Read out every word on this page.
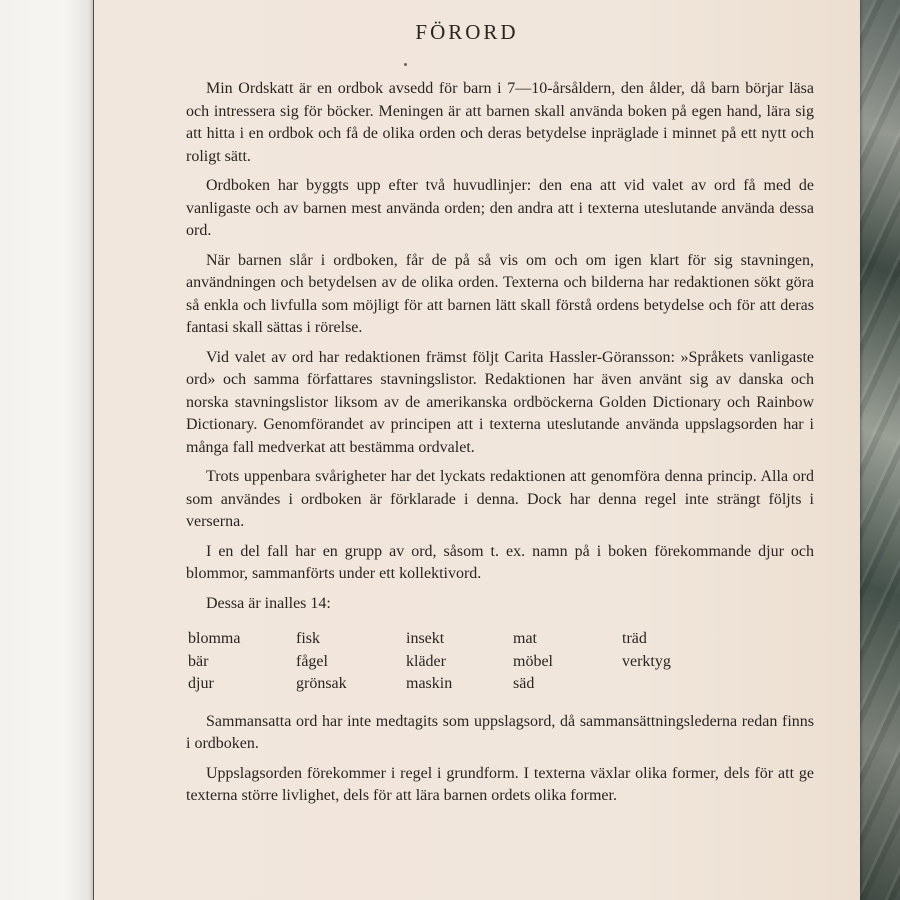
FÖRORD

Min Ordskatt är en ordbok avsedd för barn i 7—10-årsåldern, den ålder, då barn börjar läsa och intressera sig för böcker. Meningen är att barnen skall använda boken på egen hand, lära sig att hitta i en ordbok och få de olika orden och deras betydelse inpräglade i minnet på ett nytt och roligt sätt.

Ordboken har byggts upp efter två huvudlinjer: den ena att vid valet av ord få med de vanligaste och av barnen mest använda orden; den andra att i texterna uteslutande använda dessa ord.

När barnen slår i ordboken, får de på så vis om och om igen klart för sig stavningen, användningen och betydelsen av de olika orden. Texterna och bilderna har redaktionen sökt göra så enkla och livfulla som möjligt för att barnen lätt skall förstå ordens betydelse och för att deras fantasi skall sättas i rörelse.

Vid valet av ord har redaktionen främst följt Carita Hassler-Göransson: »Språkets vanligaste ord» och samma författares stavningslistor. Redaktionen har även använt sig av danska och norska stavningslistor liksom av de amerikanska ordböckerna Golden Dictionary och Rainbow Dictionary. Genomförandet av principen att i texterna uteslutande använda uppslagsorden har i många fall medverkat att bestämma ordvalet.

Trots uppenbara svårigheter har det lyckats redaktionen att genomföra denna princip. Alla ord som användes i ordboken är förklarade i denna. Dock har denna regel inte strängt följts i verserna.

I en del fall har en grupp av ord, såsom t. ex. namn på i boken förekommande djur och blommor, sammanförts under ett kollektivord.

Dessa är inalles 14:

blomma	fisk	insekt	mat	träd
bär	fågel	kläder	möbel	verktyg
djur	grönsak	maskin	säd

Sammansatta ord har inte medtagits som uppslagsord, då sammansättningslederna redan finns i ordboken.

Uppslagsorden förekommer i regel i grundform. I texterna växlar olika former, dels för att ge texterna större livlighet, dels för att lära barnen ordets olika former.
